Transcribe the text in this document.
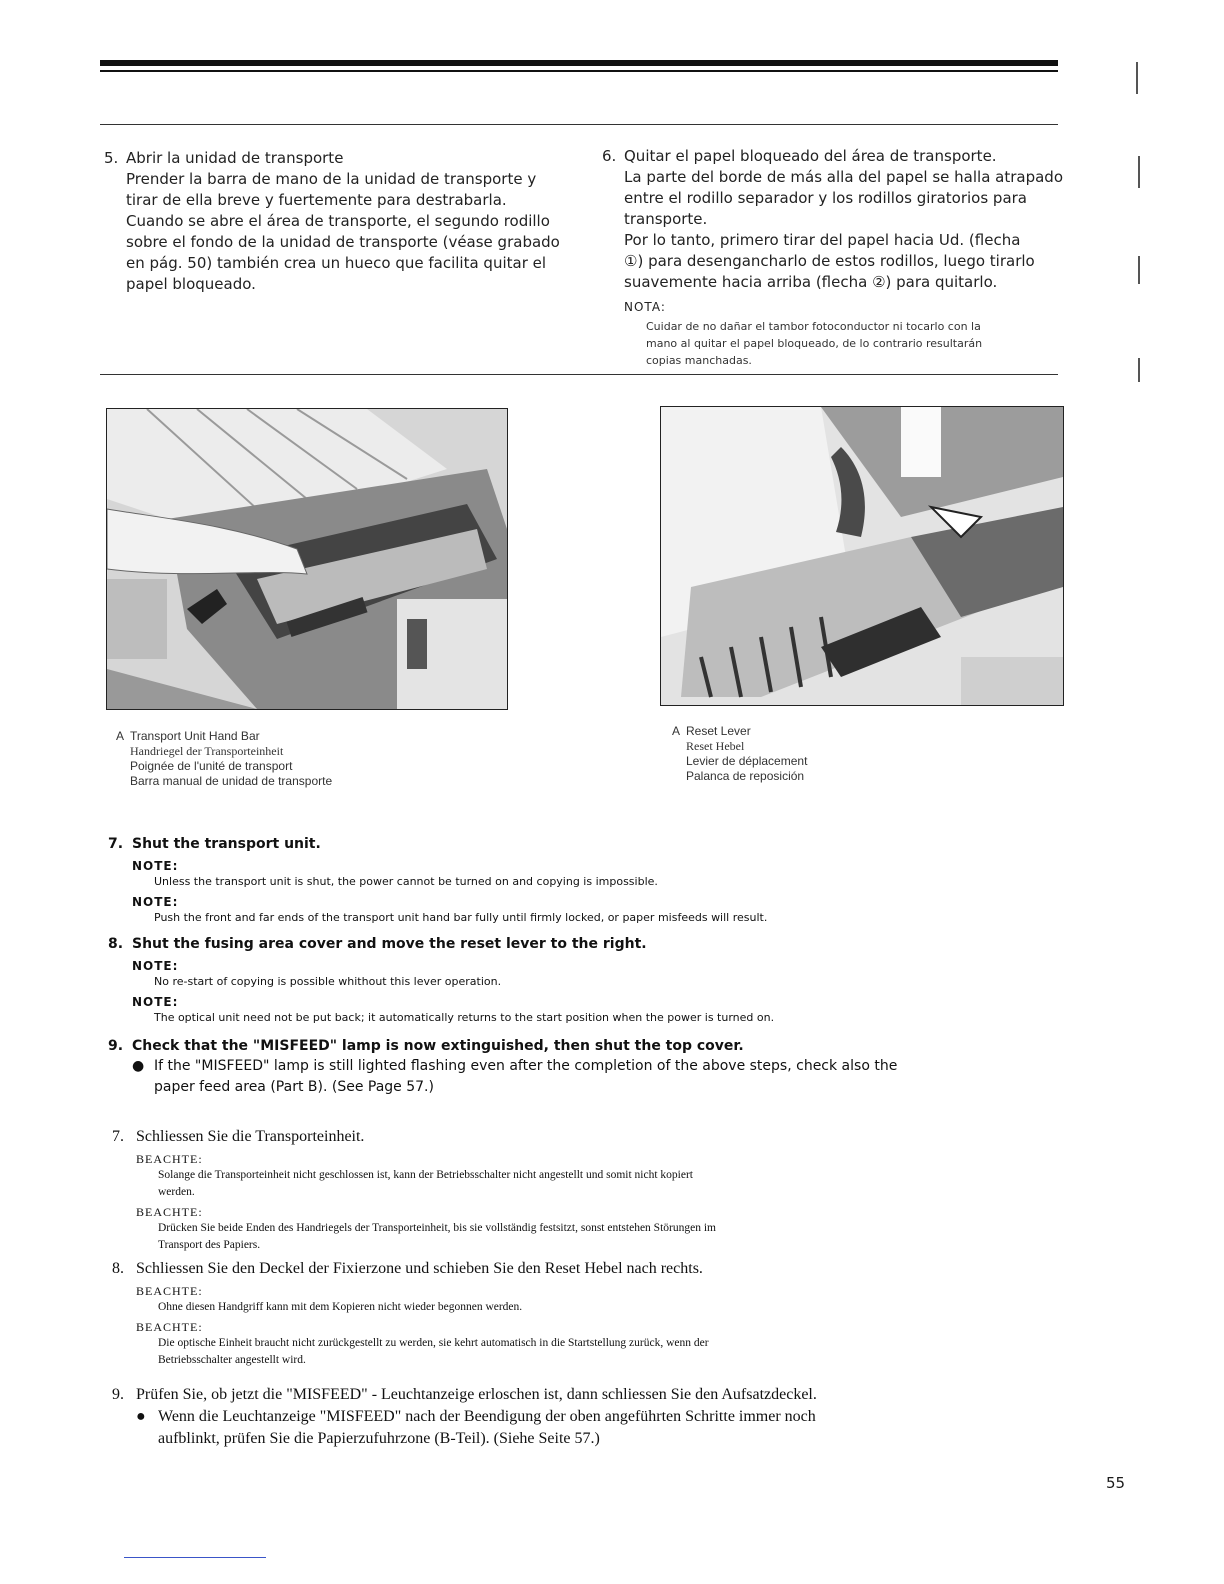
5. Abrir la unidad de transporte

Prender la barra de mano de la unidad de transporte y

tirar de ella breve y fuertemente para destrabarla.

Cuando se abre el área de transporte, el segundo rodillo

sobre el fondo de la unidad de transporte (véase grabado

en pág. 50) también crea un hueco que facilita quitar el

papel bloqueado.

6. Quitar el papel bloqueado del área de transporte.

La parte del borde de más alla del papel se halla atrapado

entre el rodillo separador y los rodillos giratorios para

transporte.

Por lo tanto, primero tirar del papel hacia Ud. (flecha

①) para desengancharlo de estos rodillos, luego tirarlo

suavemente hacia arriba (flecha ②) para quitarlo.

NOTA:
Cuidar de no dañar el tambor fotoconductor ni tocarlo con la
mano al quitar el papel bloqueado, de lo contrario resultarán
copias manchadas.
A Transport Unit Hand Bar
Handriegel der Transporteinheit
Poignée de l'unité de transport
Barra manual de unidad de transporte
A Reset Lever
Reset Hebel
Levier de déplacement
Palanca de reposición
7. Shut the transport unit.
NOTE:
Unless the transport unit is shut, the power cannot be turned on and copying is impossible.
NOTE:
Push the front and far ends of the transport unit hand bar fully until firmly locked, or paper misfeeds will result.
8. Shut the fusing area cover and move the reset lever to the right.
NOTE:
No re-start of copying is possible whithout this lever operation.
NOTE:
The optical unit need not be put back; it automatically returns to the start position when the power is turned on.
9. Check that the "MISFEED" lamp is now extinguished, then shut the top cover.
● If the "MISFEED" lamp is still lighted flashing even after the completion of the above steps, check also the
paper feed area (Part B). (See Page 57.)
7. Schliessen Sie die Transporteinheit.
BEACHTE:
Solange die Transporteinheit nicht geschlossen ist, kann der Betriebsschalter nicht angestellt und somit nicht kopiert
werden.
BEACHTE:
Drücken Sie beide Enden des Handriegels der Transporteinheit, bis sie vollständig festsitzt, sonst entstehen Störungen im
Transport des Papiers.
8. Schliessen Sie den Deckel der Fixierzone und schieben Sie den Reset Hebel nach rechts.
BEACHTE:
Ohne diesen Handgriff kann mit dem Kopieren nicht wieder begonnen werden.
BEACHTE:
Die optische Einheit braucht nicht zurückgestellt zu werden, sie kehrt automatisch in die Startstellung zurück, wenn der
Betriebsschalter angestellt wird.
9. Prüfen Sie, ob jetzt die "MISFEED" - Leuchtanzeige erloschen ist, dann schliessen Sie den Aufsatzdeckel.
● Wenn die Leuchtanzeige "MISFEED" nach der Beendigung der oben angeführten Schritte immer noch
aufblinkt, prüfen Sie die Papierzufuhrzone (B-Teil). (Siehe Seite 57.)
55
